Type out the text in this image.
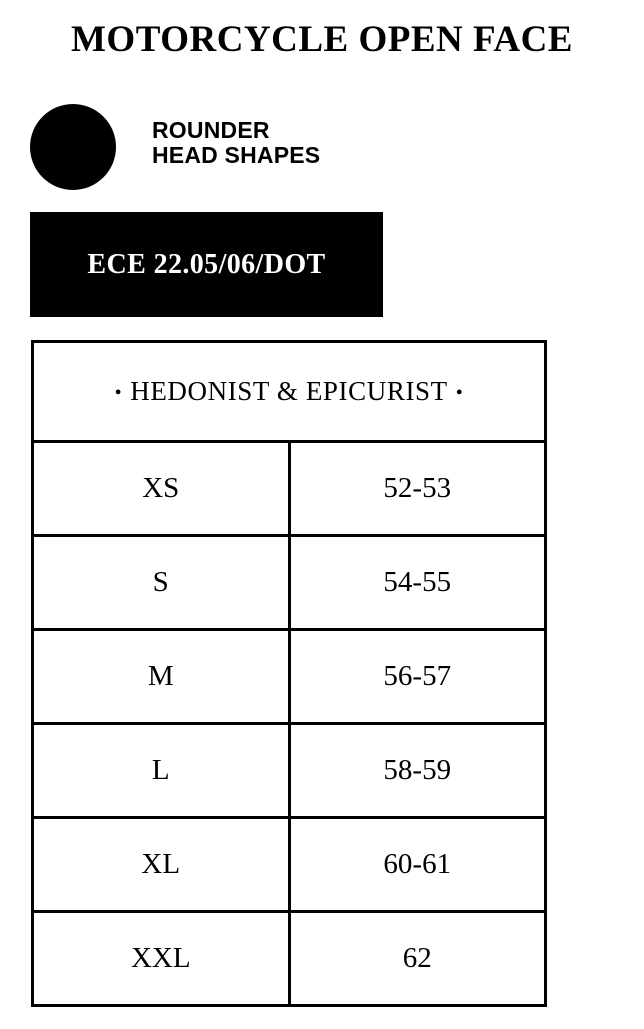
MOTORCYCLE OPEN FACE
ROUNDER
HEAD SHAPES
ECE 22.05/06/DOT
• HEDONIST & EPICURIST •	
XS	52-53
S	54-55
M	56-57
L	58-59
XL	60-61
XXL	62
